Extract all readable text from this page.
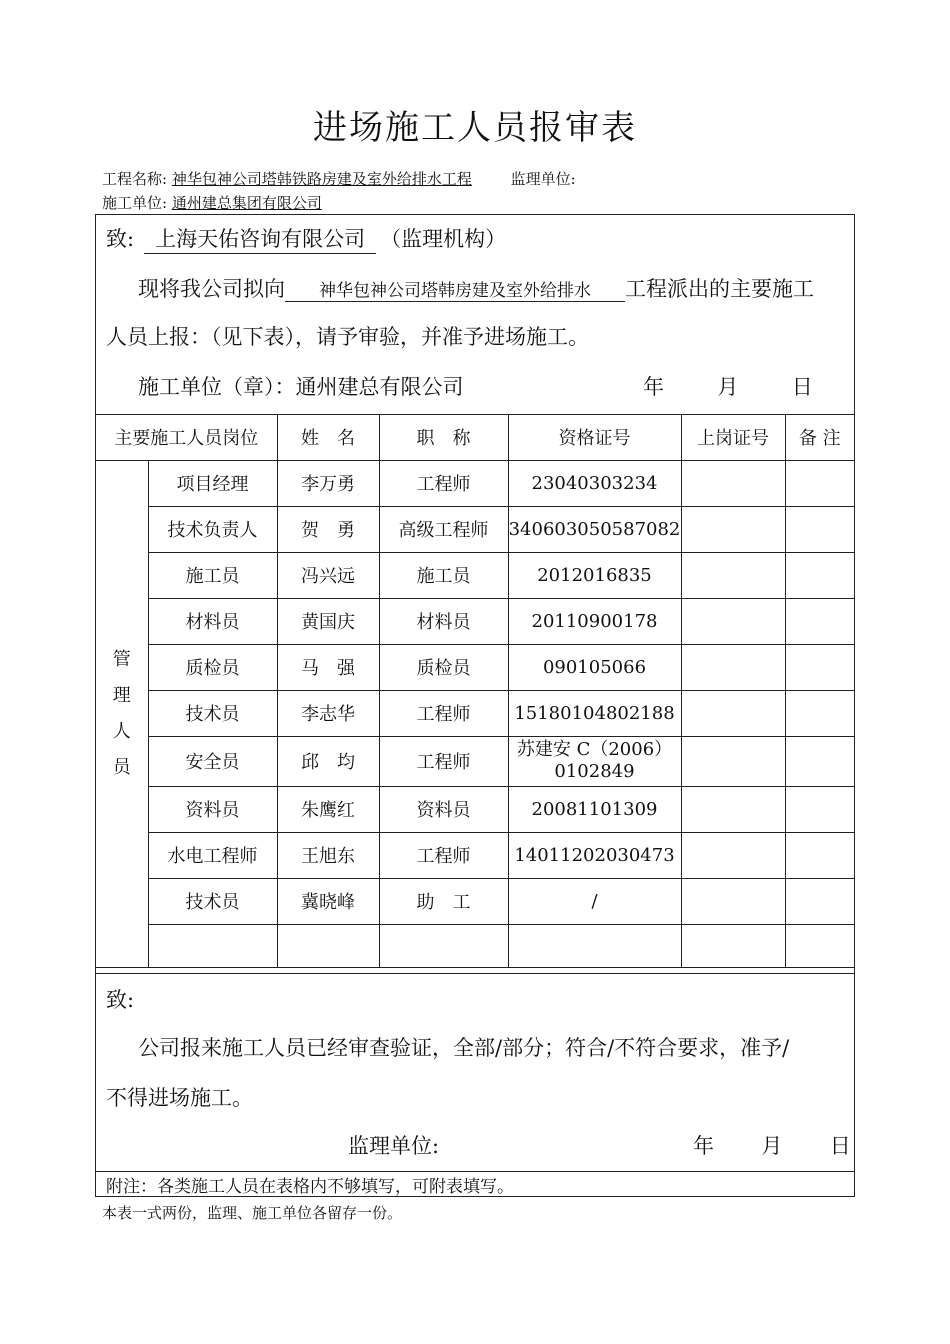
进场施工人员报审表
工程名称: 神华包神公司塔韩铁路房建及室外给排水工程	监理单位:
施工单位: 通州建总集团有限公司
致: 上海天佑咨询有限公司 （监理机构）
现将我公司拟向 神华包神公司塔韩房建及室外给排水 工程派出的主要施工
人员上报：（见下表），请予审验，并准予进场施工。
施工单位（章）：通州建总有限公司	年	月	日
主要施工人员岗位		姓　名	职　称	资格证号	上岗证号	备 注
管
理
人
员	项目经理	李万勇	工程师	23040303234		
	技术负责人	贺　勇	高级工程师	340603050587082		
	施工员	冯兴远	施工员	2012016835		
	材料员	黄国庆	材料员	20110900178		
	质检员	马　强	质检员	090105066		
	技术员	李志华	工程师	15180104802188		
	安全员	邱　均	工程师	苏建安 C（2006）
0102849		
	资料员	朱鹰红	资料员	20081101309		
	水电工程师	王旭东	工程师	14011202030473		
	技术员	冀晓峰	助　工	/		

致:
公司报来施工人员已经审查验证，全部/部分；符合/不符合要求，准予/
不得进场施工。
监理单位:	年 月 日
附注：各类施工人员在表格内不够填写，可附表填写。
本表一式两份，监理、施工单位各留存一份。
